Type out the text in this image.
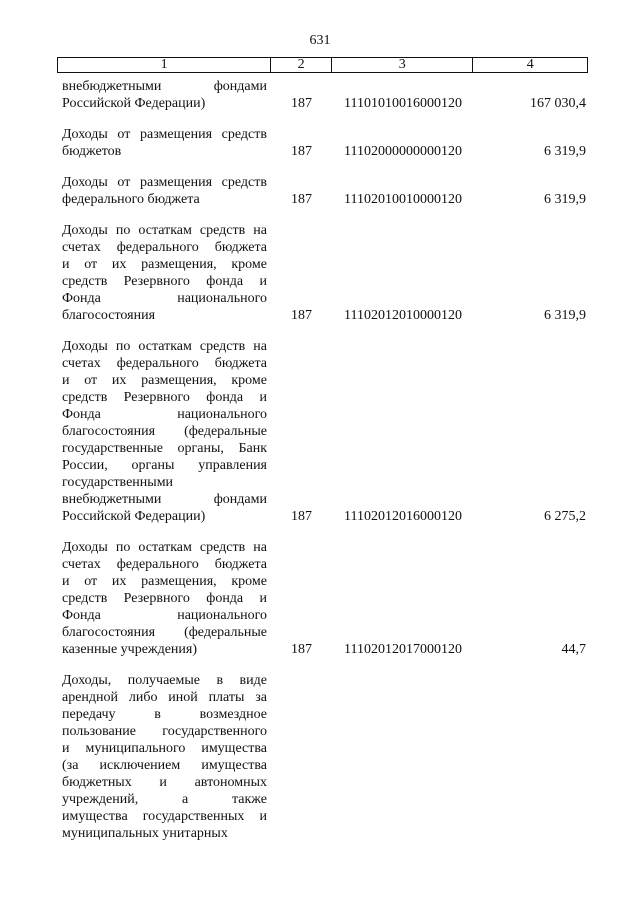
631
1	2	3	4
внебюджетными фондами
Российской Федерации)	187	11101010016000120	167 030,4
Доходы от размещения средств
бюджетов	187	11102000000000120	6 319,9
Доходы от размещения средств
федерального бюджета	187	11102010010000120	6 319,9
Доходы по остаткам средств на
счетах федерального бюджета
и от их размещения, кроме
средств Резервного фонда и
Фонда национального
благосостояния	187	11102012010000120	6 319,9
Доходы по остаткам средств на
счетах федерального бюджета
и от их размещения, кроме
средств Резервного фонда и
Фонда национального
благосостояния (федеральные
государственные органы, Банк
России, органы управления
государственными
внебюджетными фондами
Российской Федерации)	187	11102012016000120	6 275,2
Доходы по остаткам средств на
счетах федерального бюджета
и от их размещения, кроме
средств Резервного фонда и
Фонда национального
благосостояния (федеральные
казенные учреждения)	187	11102012017000120	44,7
Доходы, получаемые в виде
арендной либо иной платы за
передачу в возмездное
пользование государственного
и муниципального имущества
(за исключением имущества
бюджетных и автономных
учреждений, а также
имущества государственных и
муниципальных унитарных
